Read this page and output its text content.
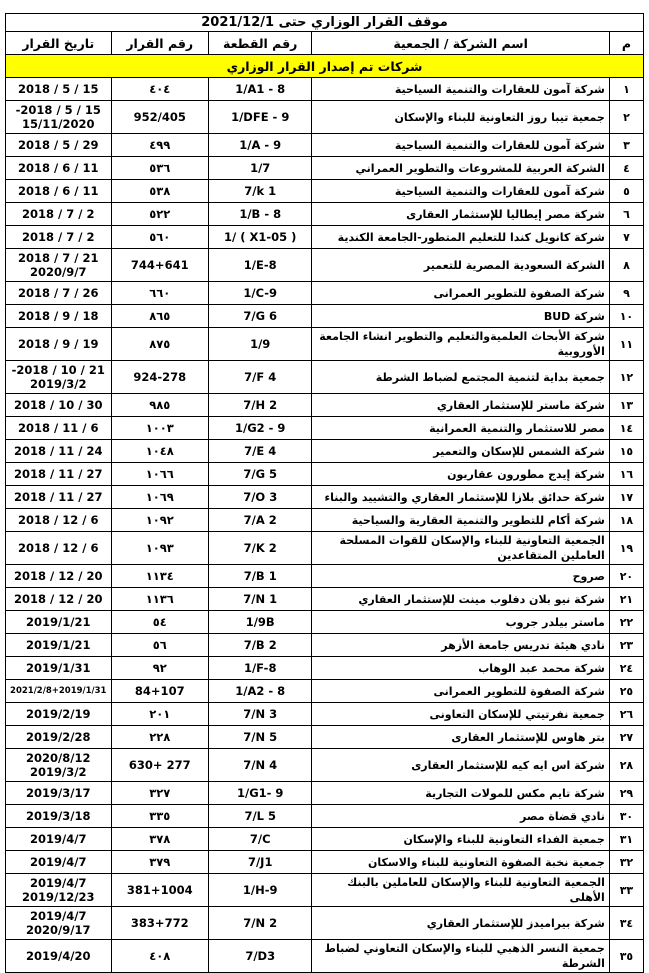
موقف القرار الوزاري حتى 2021/12/1				
م	اسم الشركة / الجمعية	رقم القطعة	رقم القرار	تاريخ القرار
شركات تم إصدار القرار الوزاري				
١	شركة آمون للعقارات والتنمية السياحية	1/A1 - 8	٤٠٤	2018 / 5 / 15

٢	جمعية تيبا روز التعاونية للبناء والإسكان	1/DFE - 9	952/405	-2018 / 5 / 15
15/11/2020

٣	شركة آمون للعقارات والتنمية السياحية	1/A - 9	٤٩٩	2018 / 5 / 29

٤	الشركة العربية للمشروعات والتطوير العمراني	1/7	٥٣٦	2018 / 6 / 11

٥	شركة آمون للعقارات والتنمية السياحية	7/k 1	٥٣٨	2018 / 6 / 11

٦	شركة مصر إيطاليا للإستثمار العقارى	1/B - 8	٥٢٢	2018 / 7 / 2

٧	شركة كانويل كندا للتعليم المتطور-الجامعة الكندية	1/ ( X1-05 )	٥٦٠	2018 / 7 / 2

٨	الشركة السعودية المصرية للتعمير	1/E-8	744+641	2018 / 7 / 21
2020/9/7

٩	شركة الصفوة للتطوير العمرانى	1/C-9	٦٦٠	2018 / 7 / 26

١٠	شركة BUD	7/G 6	٨٦٥	2018 / 9 / 18

١١	شركة الأبحاث العلميةوالتعليم والتطوير انشاء الجامعة الأوروبية	1/9	٨٧٥	2018 / 9 / 19

١٢	جمعية بداية لتنمية المجتمع لضباط الشرطة	7/F 4	924-278	-2018 / 10 / 21
2019/3/2

١٣	شركة ماستر للإستثمار العقاري	7/H 2	٩٨٥	2018 / 10 / 30

١٤	مصر للاستثمار والتنمية العمرانية	1/G2 - 9	١٠٠٣	2018 / 11 / 6

١٥	شركة الشمس للإسكان والتعمير	7/E 4	١٠٤٨	2018 / 11 / 24

١٦	شركة إيدج مطورون عقاريون	7/G 5	١٠٦٦	2018 / 11 / 27

١٧	شركة حدائق بلازا للإستثمار العقاري والتشييد والبناء	7/O 3	١٠٦٩	2018 / 11 / 27

١٨	شركة أكام للتطوير والتنمية العقارية والسياحية	7/A 2	١٠٩٢	2018 / 12 / 6

١٩	الجمعية التعاونية للبناء والإسكان للقوات المسلحة العاملين المتقاعدين	7/K 2	١٠٩٣	2018 / 12 / 6

٢٠	صروح	7/B 1	١١٣٤	2018 / 12 / 20

٢١	شركة نيو بلان دفلوب مينت للإستثمار العقاري	7/N 1	١١٣٦	2018 / 12 / 20

٢٢	ماستر بيلدر جروب	1/9B	٥٤	2019/1/21

٢٣	نادي هيئة تدريس جامعة الأزهر	7/B 2	٥٦	2019/1/21

٢٤	شركة محمد عبد الوهاب	1/F-8	٩٢	2019/1/31

٢٥	شركة الصفوة للتطوير العمرانى	1/A2 - 8	84+107	2021/2/8+2019/1/31

٢٦	جمعية نفرتيتي للإسكان التعاونى	7/N 3	٢٠١	2019/2/19

٢٧	بتر هاوس للإستثمار العقارى	7/N 5	٢٢٨	2019/2/28

٢٨	شركة اس ايه كيه للإستثمار العقارى	7/N 4	630+ 277	2020/8/12
2019/3/2

٢٩	شركة تايم مكس للمولات التجارية	1/G1- 9	٣٢٧	2019/3/17

٣٠	نادي قضاة مصر	7/L 5	٣٣٥	2019/3/18

٣١	جمعية الفداء التعاونية للبناء والإسكان	7/C	٣٧٨	2019/4/7

٣٢	جمعية نخبة الصفوة التعاونية للبناء والاسكان	7/J1	٣٧٩	2019/4/7

٣٣	الجمعية التعاونية للبناء والإسكان للعاملين بالبنك الأهلى	1/H-9	381+1004	2019/4/7
2019/12/23

٣٤	شركة بيراميدز للإستثمار العقاري	7/N 2	383+772	2019/4/7
2020/9/17

٣٥	جمعية النسر الذهبي للبناء والإسكان التعاوني لضباط الشرطة	7/D3	٤٠٨	2019/4/20
